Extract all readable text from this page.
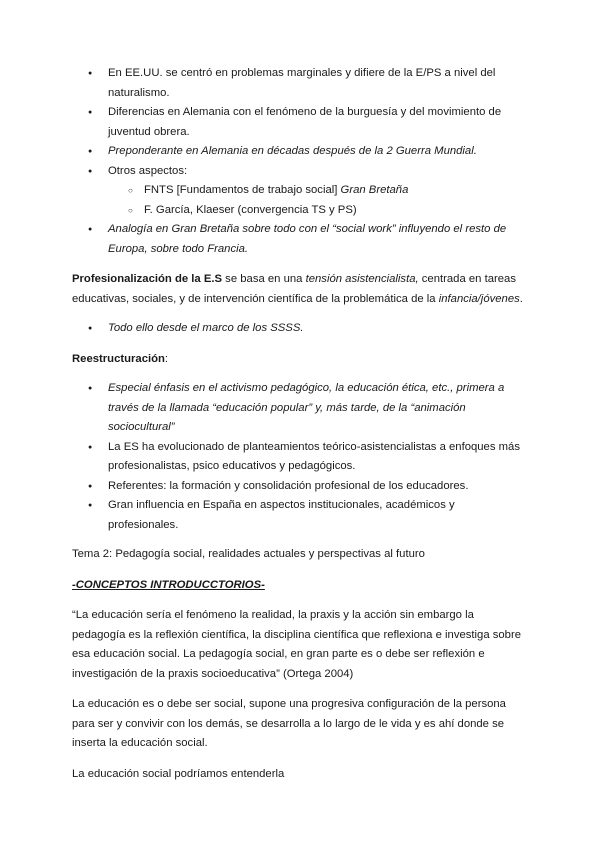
● En EE.UU. se centró en problemas marginales y difiere de la E/PS a nivel del naturalismo.
● Diferencias en Alemania con el fenómeno de la burguesía y del movimiento de juventud obrera.
● Preponderante en Alemania en décadas después de la 2 Guerra Mundial.
● Otros aspectos:
○ FNTS [Fundamentos de trabajo social] Gran Bretaña
○ F. García, Klaeser (convergencia TS y PS)
● Analogía en Gran Bretaña sobre todo con el “social work” influyendo el resto de Europa, sobre todo Francia.

Profesionalización de la E.S se basa en una tensión asistencialista, centrada en tareas educativas, sociales, y de intervención científica de la problemática de la infancia/jóvenes.

● Todo ello desde el marco de los SSSS.

Reestructuración:

● Especial énfasis en el activismo pedagógico, la educación ética, etc., primera a través de la llamada “educación popular” y, más tarde, de la “animación sociocultural”
● La ES ha evolucionado de planteamientos teórico-asistencialistas a enfoques más profesionalistas, psico educativos y pedagógicos.
● Referentes: la formación y consolidación profesional de los educadores.
● Gran influencia en España en aspectos institucionales, académicos y profesionales.

Tema 2: Pedagogía social, realidades actuales y perspectivas al futuro

-CONCEPTOS INTRODUCCTORIOS-

“La educación sería el fenómeno la realidad, la praxis y la acción sin embargo la pedagogía es la reflexión científica, la disciplina científica que reflexiona e investiga sobre esa educación social. La pedagogía social, en gran parte es o debe ser reflexión e investigación de la praxis socioeducativa” (Ortega 2004)

La educación es o debe ser social, supone una progresiva configuración de la persona para ser y convivir con los demás, se desarrolla a lo largo de le vida y es ahí donde se inserta la educación social.

La educación social podríamos entenderla
